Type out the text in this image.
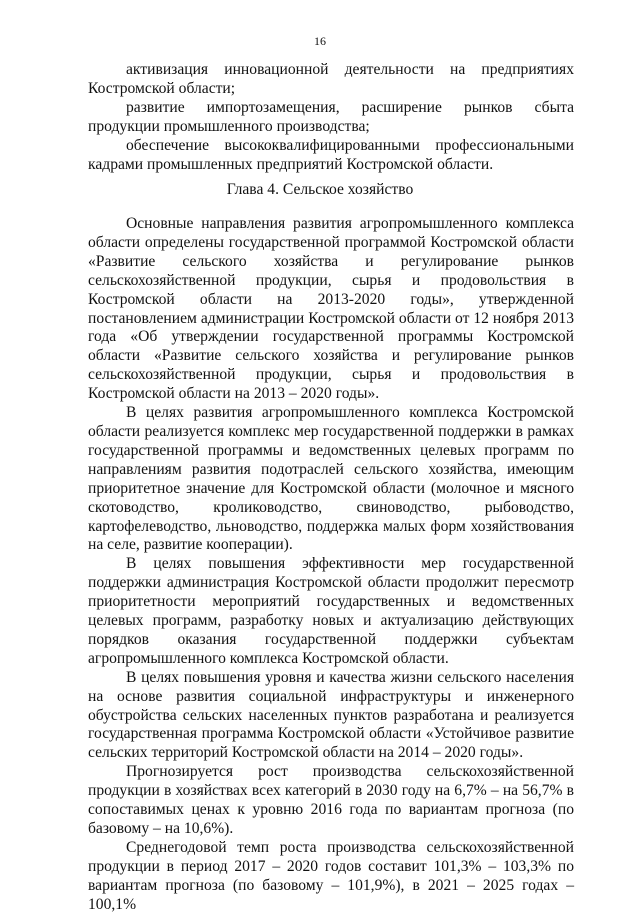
16

активизация инновационной деятельности на предприятиях Костромской области;

развитие импортозамещения, расширение рынков сбыта продукции промышленного производства;

обеспечение высококвалифицированными профессиональными кадрами промышленных предприятий Костромской области.

Глава 4. Сельское хозяйство

Основные направления развития агропромышленного комплекса области определены государственной программой Костромской области «Развитие сельского хозяйства и регулирование рынков сельскохозяйственной продукции, сырья и продовольствия в Костромской области на 2013-2020 годы», утвержденной постановлением администрации Костромской области от 12 ноября 2013 года «Об утверждении государственной программы Костромской области «Развитие сельского хозяйства и регулирование рынков сельскохозяйственной продукции, сырья и продовольствия в Костромской области на 2013 – 2020 годы».

В целях развития агропромышленного комплекса Костромской области реализуется комплекс мер государственной поддержки в рамках государственной программы и ведомственных целевых программ по направлениям развития подотраслей сельского хозяйства, имеющим приоритетное значение для Костромской области (молочное и мясного скотоводство, кролиководство, свиноводство, рыбоводство, картофелеводство, льноводство, поддержка малых форм хозяйствования на селе, развитие кооперации).

В целях повышения эффективности мер государственной поддержки администрация Костромской области продолжит пересмотр приоритетности мероприятий государственных и ведомственных целевых программ, разработку новых и актуализацию действующих порядков оказания государственной поддержки субъектам агропромышленного комплекса Костромской области.

В целях повышения уровня и качества жизни сельского населения на основе развития социальной инфраструктуры и инженерного обустройства сельских населенных пунктов разработана и реализуется государственная программа Костромской области «Устойчивое развитие сельских территорий Костромской области на 2014 – 2020 годы».

Прогнозируется рост производства сельскохозяйственной продукции в хозяйствах всех категорий в 2030 году на 6,7% – на 56,7% в сопоставимых ценах к уровню 2016 года по вариантам прогноза (по базовому – на 10,6%).

Среднегодовой темп роста производства сельскохозяйственной продукции в период 2017 – 2020 годов составит 101,3% – 103,3% по вариантам прогноза (по базовому – 101,9%), в 2021 – 2025 годах – 100,1%
